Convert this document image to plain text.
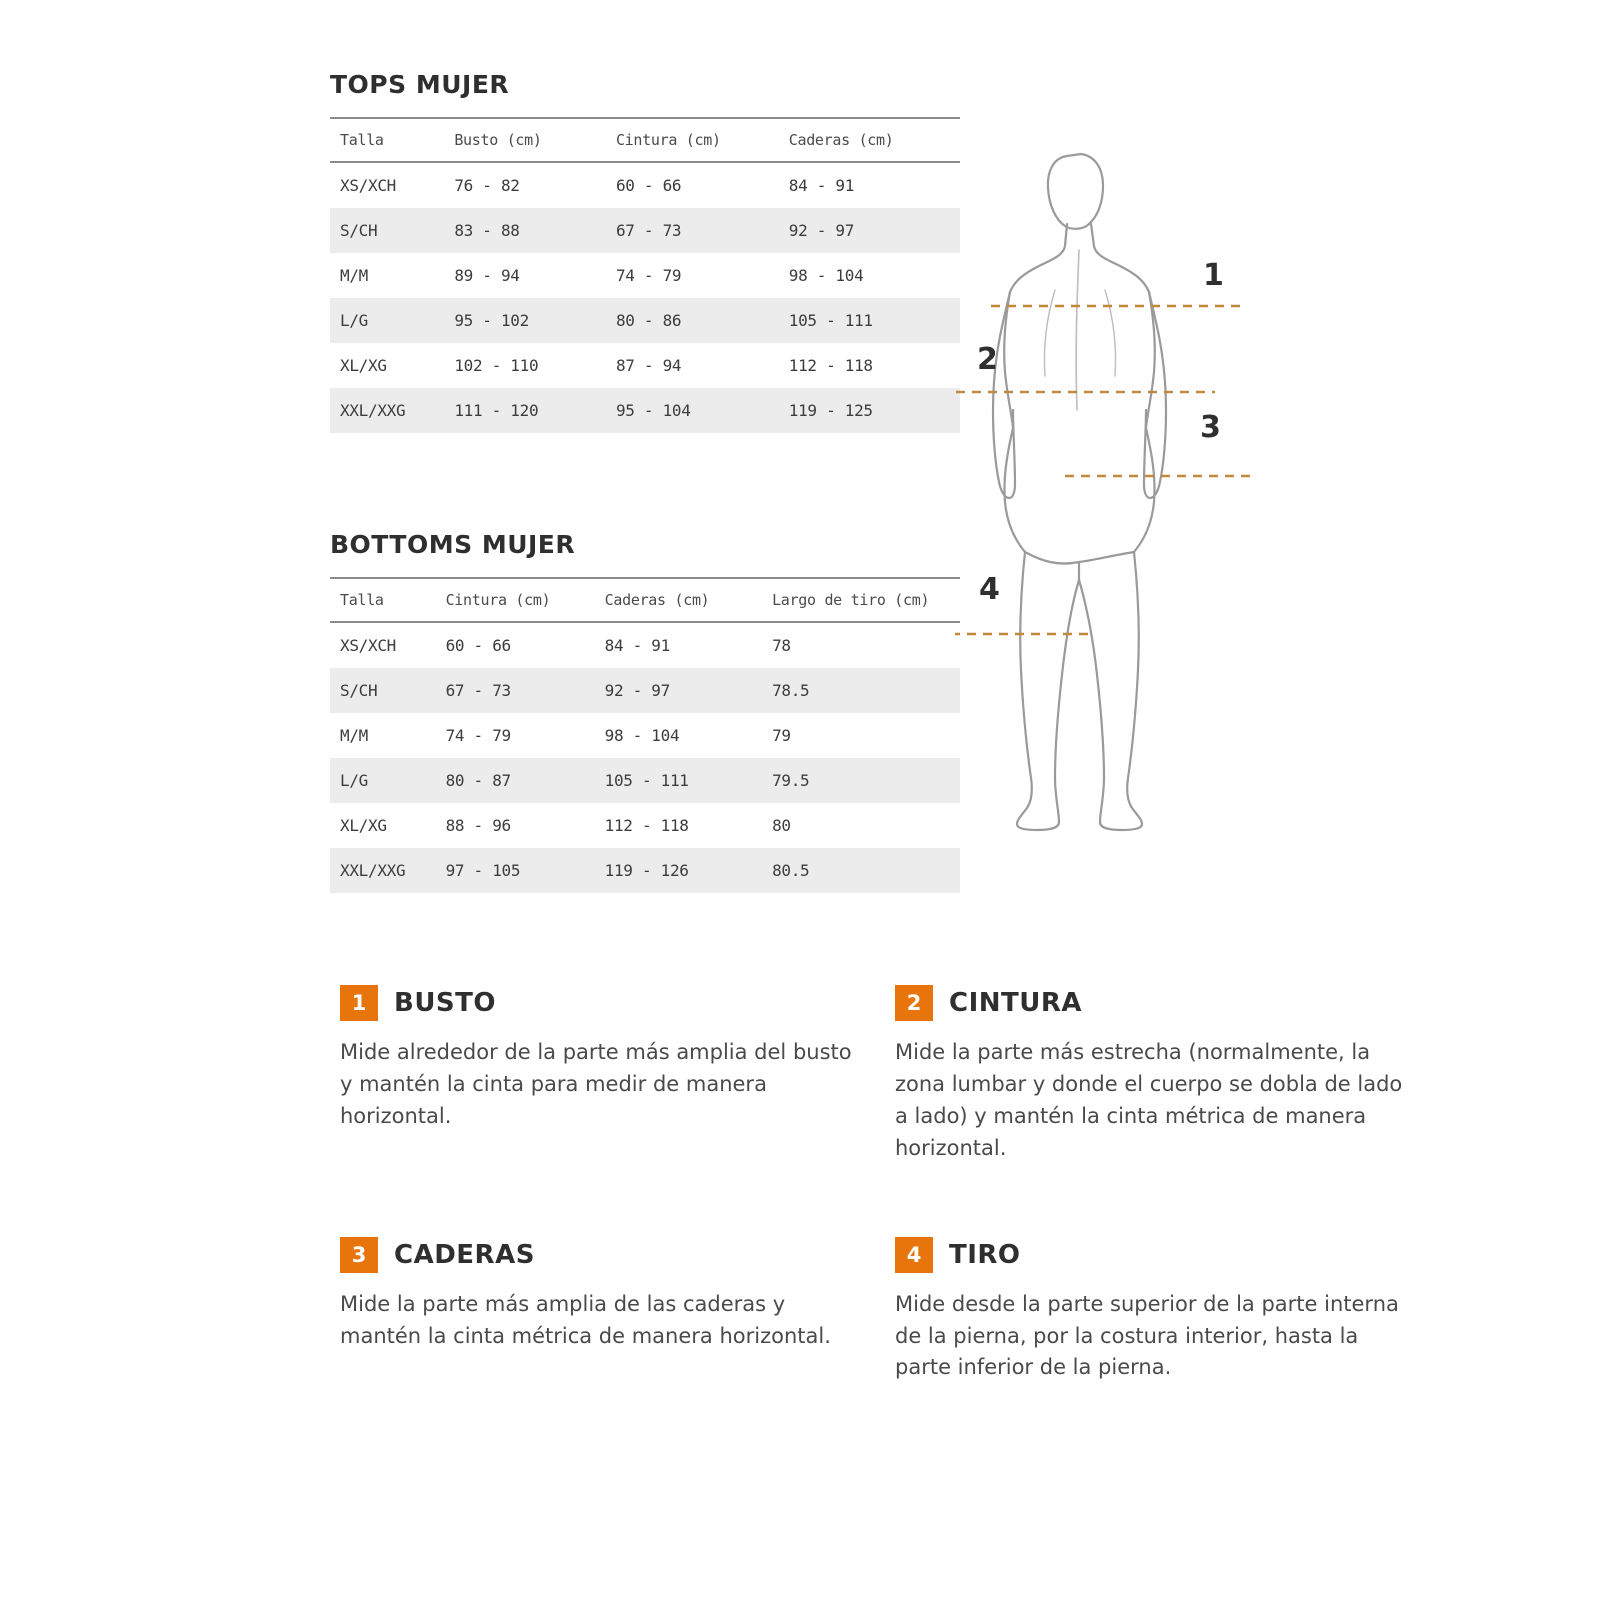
TOPS MUJER
Talla	Busto (cm)	Cintura (cm)	Caderas (cm)
XS/XCH	76 - 82	60 - 66	84 - 91
S/CH	83 - 88	67 - 73	92 - 97
M/M	89 - 94	74 - 79	98 - 104
L/G	95 - 102	80 - 86	105 - 111
XL/XG	102 - 110	87 - 94	112 - 118
XXL/XXG	111 - 120	95 - 104	119 - 125
BOTTOMS MUJER
Talla	Cintura (cm)	Caderas (cm)	Largo de tiro (cm)
XS/XCH	60 - 66	84 - 91	78
S/CH	67 - 73	92 - 97	78.5
M/M	74 - 79	98 - 104	79
L/G	80 - 87	105 - 111	79.5
XL/XG	88 - 96	112 - 118	80
XXL/XXG	97 - 105	119 - 126	80.5
1
2
3
4
1	BUSTO
Mide alrededor de la parte más amplia del busto y mantén la cinta para medir de manera horizontal.
2	CINTURA
Mide la parte más estrecha (normalmente, la zona lumbar y donde el cuerpo se dobla de lado a lado) y mantén la cinta métrica de manera horizontal.
3	CADERAS
Mide la parte más amplia de las caderas y mantén la cinta métrica de manera horizontal.
4	TIRO
Mide desde la parte superior de la parte interna de la pierna, por la costura interior, hasta la parte inferior de la pierna.
